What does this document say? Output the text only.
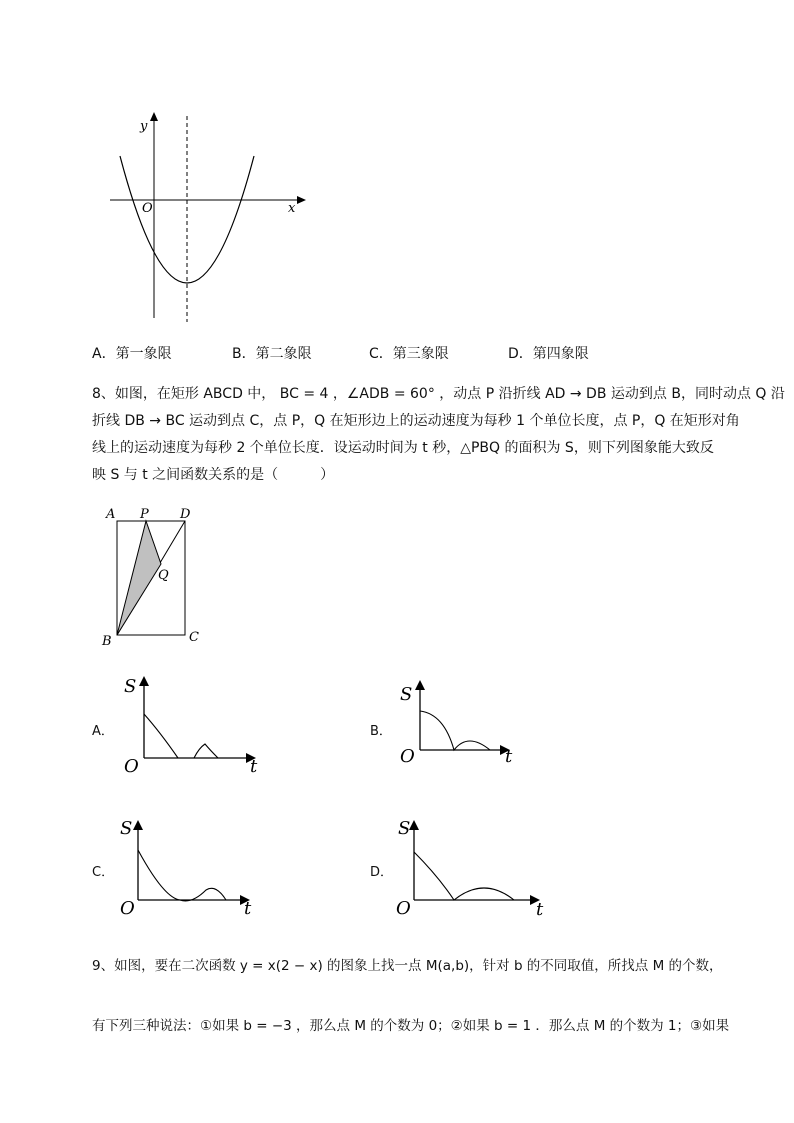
y
x
O
A．第一象限	B．第二象限	C．第三象限	D．第四象限
8、如图，在矩形 ABCD 中， BC = 4 ，∠ADB = 60° ，动点 P 沿折线 AD → DB 运动到点 B，同时动点 Q 沿
折线 DB → BC 运动到点 C，点 P，Q 在矩形边上的运动速度为每秒 1 个单位长度，点 P，Q 在矩形对角
线上的运动速度为每秒 2 个单位长度．设运动时间为 t 秒，△PBQ 的面积为 S，则下列图象能大致反
映 S 与 t 之间函数关系的是（　　　）
A P D
Q
B	C
A．	B．
C．	D．
S
t
O
S
t
O
S
t
O
S
t
O
9、如图，要在二次函数 y = x(2 − x) 的图象上找一点 M(a,b)，针对 b 的不同取值，所找点 M 的个数，
有下列三种说法：①如果 b = −3 ，那么点 M 的个数为 0；②如果 b = 1 ．那么点 M 的个数为 1；③如果
